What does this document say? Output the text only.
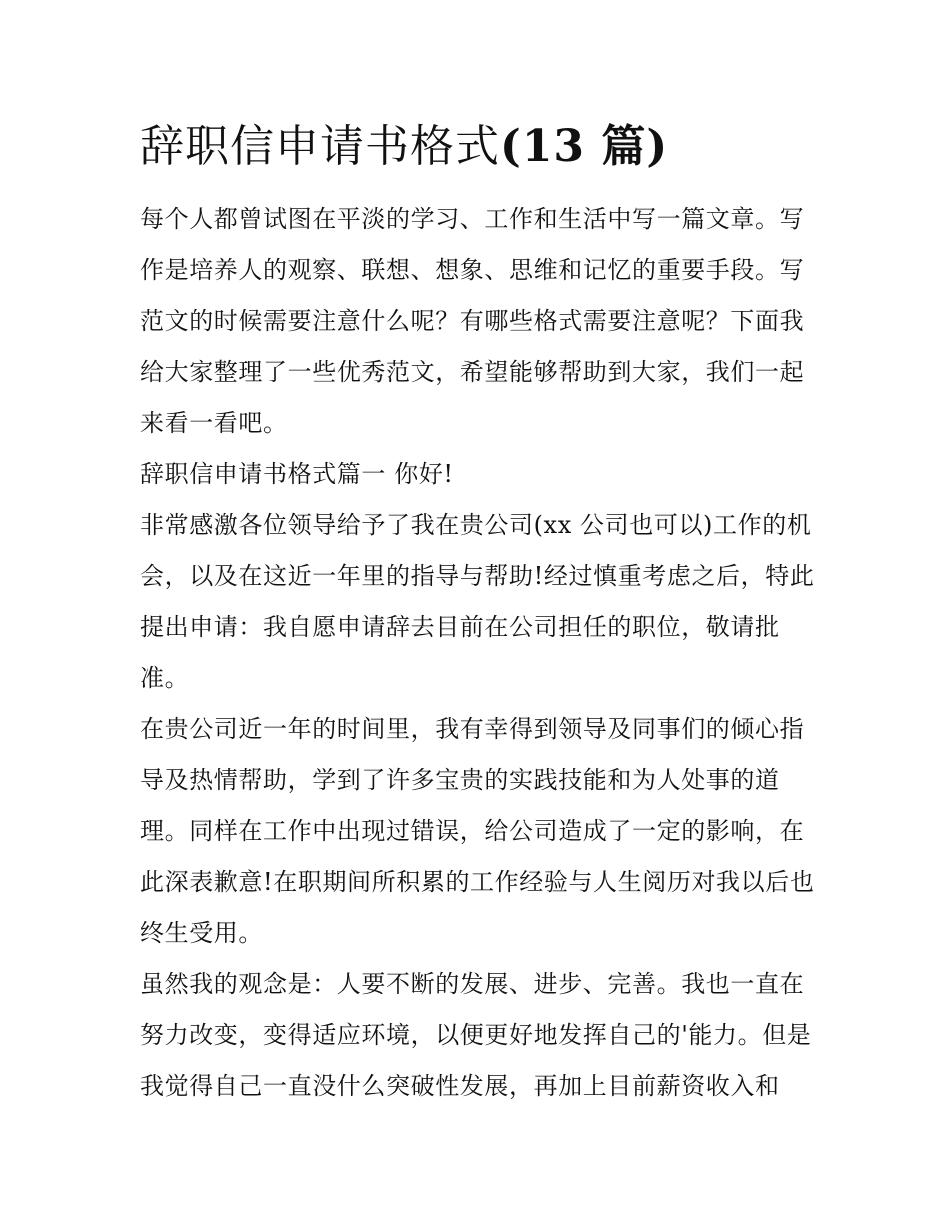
辞职信申请书格式(13 篇)

每个人都曾试图在平淡的学习、工作和生活中写一篇文章。写作是培养人的观察、联想、想象、思维和记忆的重要手段。写范文的时候需要注意什么呢？有哪些格式需要注意呢？下面我给大家整理了一些优秀范文，希望能够帮助到大家，我们一起来看一看吧。

辞职信申请书格式篇一 你好!

非常感激各位领导给予了我在贵公司(xx 公司也可以)工作的机会，以及在这近一年里的指导与帮助!经过慎重考虑之后，特此提出申请：我自愿申请辞去目前在公司担任的职位，敬请批准。

在贵公司近一年的时间里，我有幸得到领导及同事们的倾心指导及热情帮助，学到了许多宝贵的实践技能和为人处事的道理。同样在工作中出现过错误，给公司造成了一定的影响，在此深表歉意!在职期间所积累的工作经验与人生阅历对我以后也终生受用。

虽然我的观念是：人要不断的发展、进步、完善。我也一直在努力改变，变得适应环境，以便更好地发挥自己的'能力。但是我觉得自己一直没什么突破性发展，再加上目前薪资收入和
